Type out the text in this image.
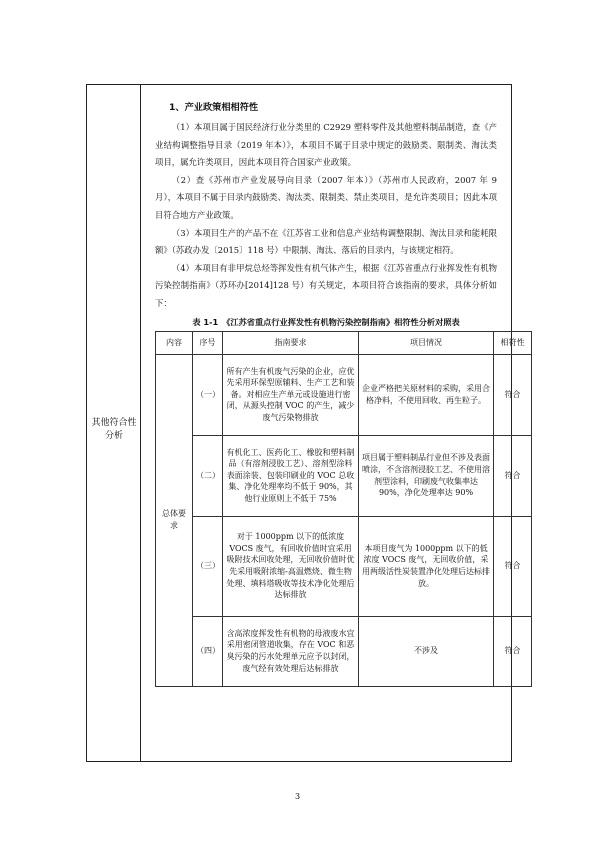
其他符合性分析
1、产业政策相相符性

（1）本项目属于国民经济行业分类里的 C2929 塑料零件及其他塑料制品制造，查《产业结构调整指导目录（2019 年本）》，本项目不属于目录中规定的鼓励类、限制类、淘汰类项目，属允许类项目，因此本项目符合国家产业政策。

（2）查《苏州市产业发展导向目录（2007 年本）》（苏州市人民政府，2007 年 9 月），本项目不属于目录内鼓励类、淘汰类、限制类、禁止类项目，是允许类项目；因此本项目符合地方产业政策。

（3）本项目生产的产品不在《江苏省工业和信息产业结构调整限制、淘汰目录和能耗限额》（苏政办发〔2015〕118 号）中限制、淘汰、落后的目录内，与该规定相符。

（4）本项目有非甲烷总烃等挥发性有机气体产生，根据《江苏省重点行业挥发性有机物污染控制指南》（苏环办[2014]128 号）有关规定，本项目符合该指南的要求，具体分析如下：

表 1-1　《江苏省重点行业挥发性有机物污染控制指南》相符性分析对照表
内容	序号	指南要求	项目情况	相符性
总体要求	（一）	所有产生有机废气污染的企业，应优先采用环保型原辅料、生产工艺和装备。对相应生产单元或设施进行密闭，从源头控制 VOC 的产生，减少废气污染物排放	企业严格把关原材料的采购，采用合格净料，不使用回收、再生粒子。	符合
	（二）	有机化工、医药化工、橡胶和塑料制品（有溶剂浸胶工艺）、溶剂型涂料表面涂装、包装印刷业的 VOC 总收集、净化处理率均不低于 90%，其他行业原则上不低于 75%	项目属于塑料制品行业但不涉及表面喷涂，不含溶剂浸胶工艺、不使用溶剂型涂料，印刷废气收集率达 90%，净化处理率达 90%	符合
	（三）	对于 1000ppm 以下的低浓度 VOCS 废气，有回收价值时宜采用吸附技术回收处理，无回收价值时优先采用吸附浓缩-高温燃烧、微生物处理、填料塔吸收等技术净化处理后达标排放	本项目废气为 1000ppm 以下的低浓度 VOCS 废气，无回收价值，采用两级活性炭装置净化处理后达标排放。	符合
	（四）	含高浓度挥发性有机物的母液废水宜采用密闭管道收集，存在 VOC 和恶臭污染的污水处理单元应予以封闭，废气经有效处理后达标排放	不涉及	符合
3
